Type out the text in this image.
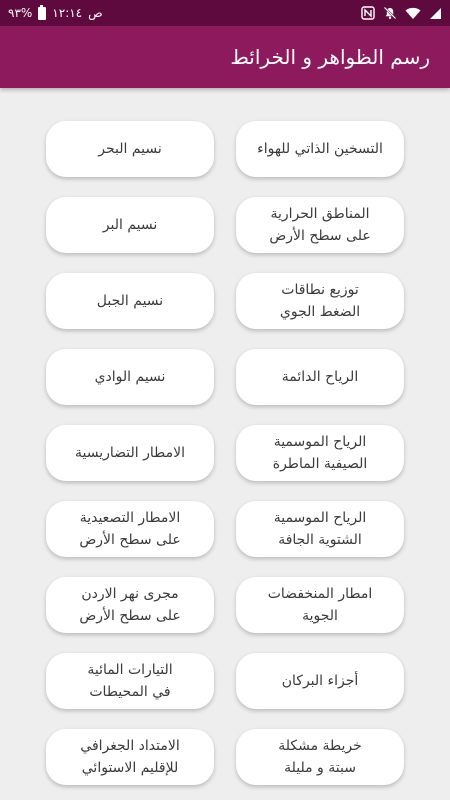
ص
١٢:١٤
%٩٣
رسم الظواهر و الخرائط
التسخين الذاتي للهواء
نسيم البحر
المناطق الحرارية
على سطح الأرض
نسيم البر
توزيع نطاقات
الضغط الجوي
نسيم الجبل
الرياح الدائمة
نسيم الوادي
الرياح الموسمية
الصيفية الماطرة
الامطار التضاريسية
الرياح الموسمية
الشتوية الجافة
الامطار التصعيدية
على سطح الأرض
امطار المنخفضات
الجوية
مجرى نهر الاردن
على سطح الأرض
أجزاء البركان
التيارات المائية
في المحيطات
خريطة مشكلة
سبتة و مليلة
الامتداد الجغرافي
للإقليم الاستوائي
